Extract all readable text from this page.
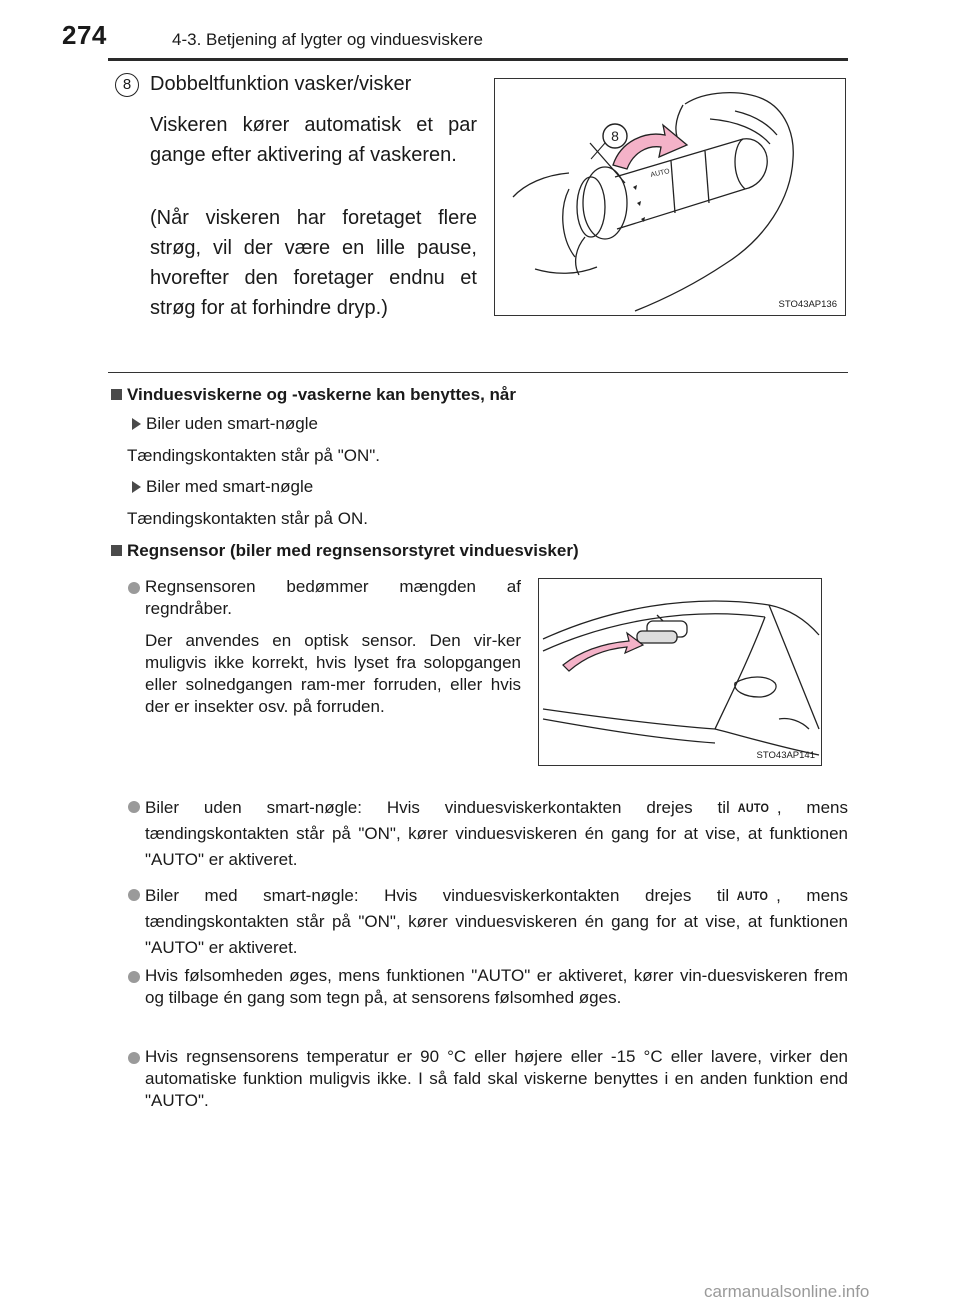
274	4-3. Betjening af lygter og vinduesviskere
8 Dobbeltfunktion vasker/visker
Viskeren kører automatisk et par gange efter aktivering af vaskeren.
(Når viskeren har foretaget flere strøg, vil der være en lille pause, hvorefter den foretager endnu et strøg for at forhindre dryp.)
AUTO
8
STO43AP136
Vinduesviskerne og -vaskerne kan benyttes, når
Biler uden smart-nøgle
Tændingskontakten står på "ON".
Biler med smart-nøgle
Tændingskontakten står på ON.
Regnsensor (biler med regnsensorstyret vinduesvisker)
Regnsensoren bedømmer mængden af regndråber.
Der anvendes en optisk sensor. Den vir-ker muligvis ikke korrekt, hvis lyset fra solopgangen eller solnedgangen ram-mer forruden, eller hvis der er insekter osv. på forruden.
STO43AP141
Biler uden smart-nøgle: Hvis vinduesviskerkontakten drejes til AUTO , mens tændingskontakten står på "ON", kører vinduesviskeren én gang for at vise, at funktionen "AUTO" er aktiveret.
Biler med smart-nøgle: Hvis vinduesviskerkontakten drejes til AUTO , mens tændingskontakten står på "ON", kører vinduesviskeren én gang for at vise, at funktionen "AUTO" er aktiveret.
Hvis følsomheden øges, mens funktionen "AUTO" er aktiveret, kører vin-duesviskeren frem og tilbage én gang som tegn på, at sensorens følsomhed øges.
Hvis regnsensorens temperatur er 90 °C eller højere eller -15 °C eller lavere, virker den automatiske funktion muligvis ikke. I så fald skal viskerne benyttes i en anden funktion end "AUTO".
carmanualsonline.info
